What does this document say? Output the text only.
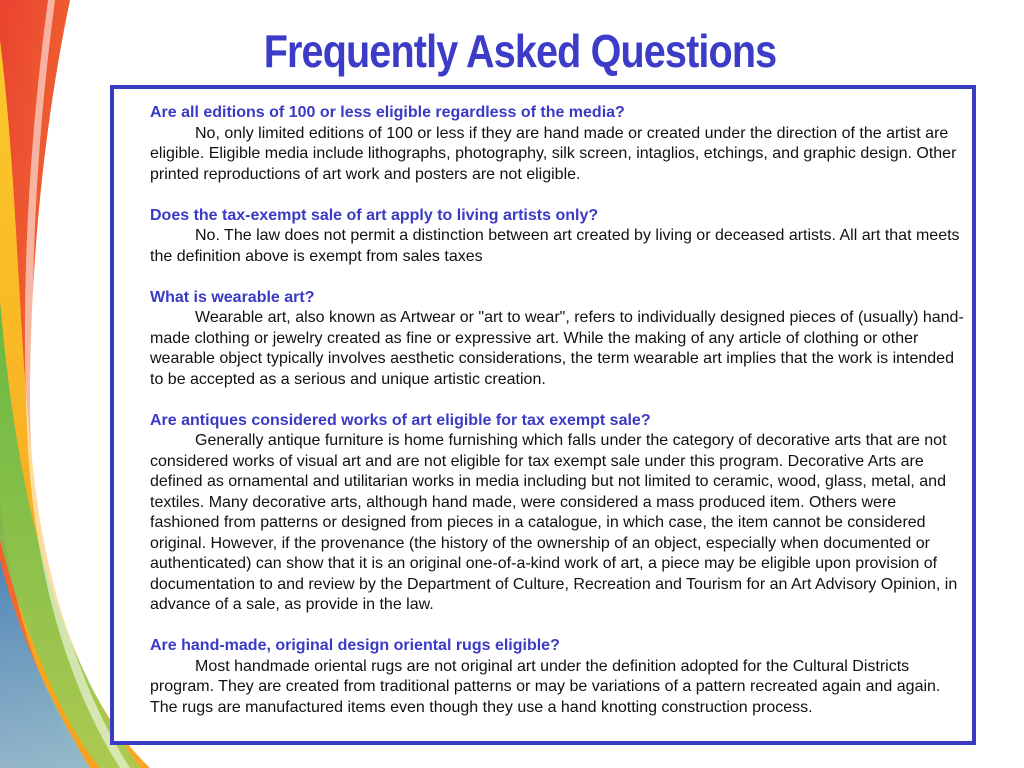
Frequently Asked Questions
Are all editions of 100 or less eligible regardless of the media?

No, only limited editions of 100 or less if they are hand made or created under the direction of the artist are eligible. Eligible media include lithographs, photography, silk screen, intaglios, etchings, and graphic design. Other printed reproductions of art work and posters are not eligible.

Does the tax-exempt sale of art apply to living artists only?

No. The law does not permit a distinction between art created by living or deceased artists. All art that meets the definition above is exempt from sales taxes

What is wearable art?

Wearable art, also known as Artwear or "art to wear", refers to individually designed pieces of (usually) hand-made clothing or jewelry created as fine or expressive art. While the making of any article of clothing or other wearable object typically involves aesthetic considerations, the term wearable art implies that the work is intended to be accepted as a serious and unique artistic creation.

Are antiques considered works of art eligible for tax exempt sale?

Generally antique furniture is home furnishing which falls under the category of decorative arts that are not considered works of visual art and are not eligible for tax exempt sale under this program. Decorative Arts are defined as ornamental and utilitarian works in media including but not limited to ceramic, wood, glass, metal, and textiles. Many decorative arts, although hand made, were considered a mass produced item. Others were fashioned from patterns or designed from pieces in a catalogue, in which case, the item cannot be considered original. However, if the provenance (the history of the ownership of an object, especially when documented or authenticated) can show that it is an original one-of-a-kind work of art, a piece may be eligible upon provision of documentation to and review by the Department of Culture, Recreation and Tourism for an Art Advisory Opinion, in advance of a sale, as provide in the law.

Are hand-made, original design oriental rugs eligible?

Most handmade oriental rugs are not original art under the definition adopted for the Cultural Districts program. They are created from traditional patterns or may be variations of a pattern recreated again and again. The rugs are manufactured items even though they use a hand knotting construction process.
